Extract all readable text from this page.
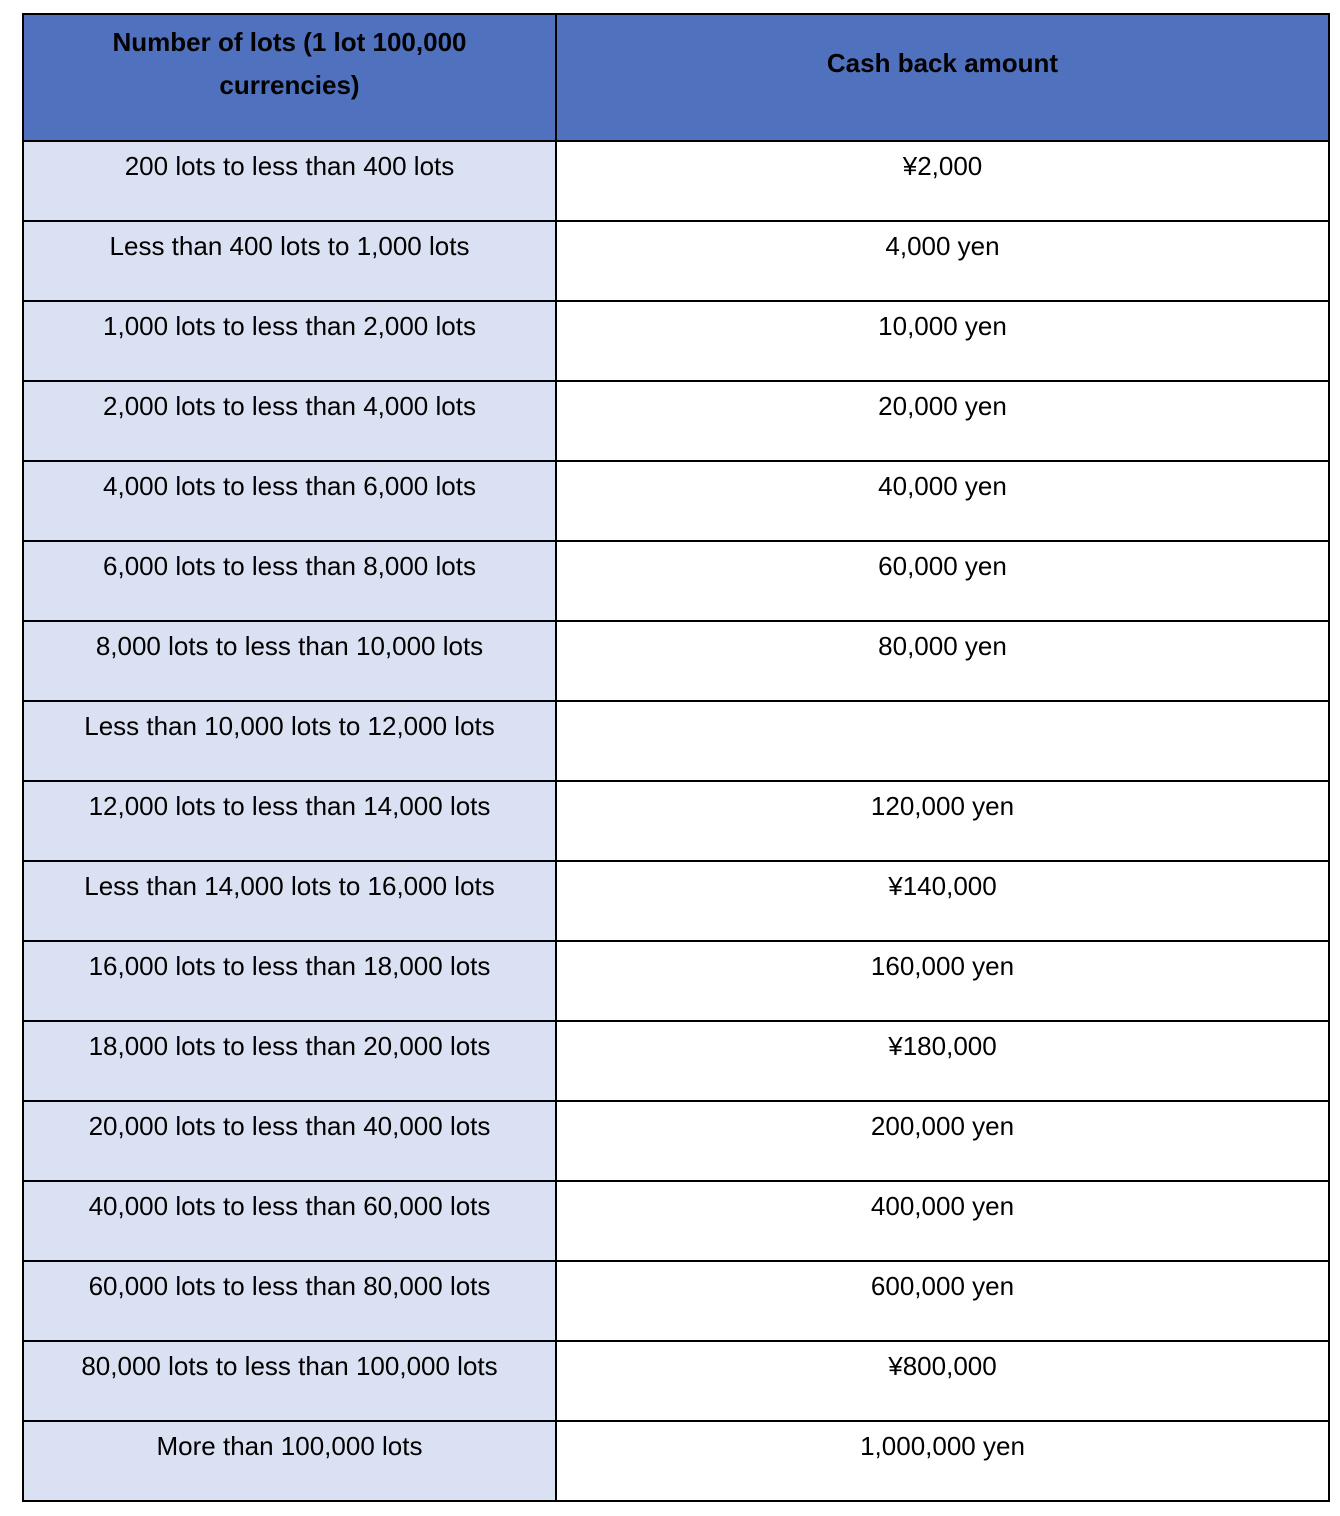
Number of lots (1 lot 100,000 currencies)	Cash back amount
200 lots to less than 400 lots	¥2,000
Less than 400 lots to 1,000 lots	4,000 yen
1,000 lots to less than 2,000 lots	10,000 yen
2,000 lots to less than 4,000 lots	20,000 yen
4,000 lots to less than 6,000 lots	40,000 yen
6,000 lots to less than 8,000 lots	60,000 yen
8,000 lots to less than 10,000 lots	80,000 yen
Less than 10,000 lots to 12,000 lots	
12,000 lots to less than 14,000 lots	120,000 yen
Less than 14,000 lots to 16,000 lots	¥140,000
16,000 lots to less than 18,000 lots	160,000 yen
18,000 lots to less than 20,000 lots	¥180,000
20,000 lots to less than 40,000 lots	200,000 yen
40,000 lots to less than 60,000 lots	400,000 yen
60,000 lots to less than 80,000 lots	600,000 yen
80,000 lots to less than 100,000 lots	¥800,000
More than 100,000 lots	1,000,000 yen
